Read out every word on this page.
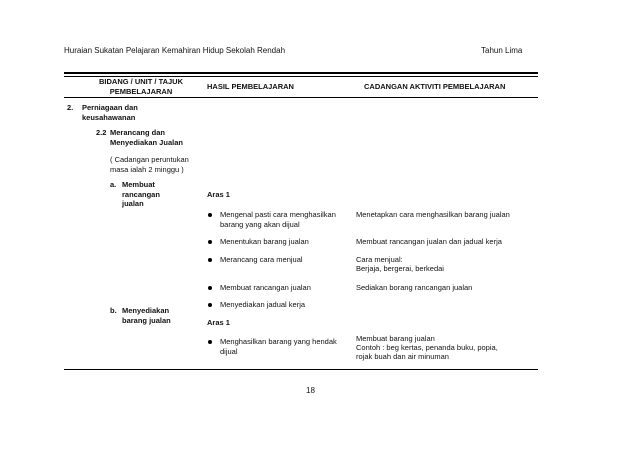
Huraian Sukatan Pelajaran Kemahiran Hidup Sekolah Rendah	Tahun Lima
BIDANG / UNIT / TAJUK PEMBELAJARAN
HASIL PEMBELAJARAN	CADANGAN AKTIVITI PEMBELAJARAN
2. Perniagaan dan keusahawanan
2.2 Merancang dan Menyediakan Jualan
( Cadangan peruntukan masa ialah 2 minggu )
a. Membuat rancangan jualan
b. Menyediakan barang jualan
Aras 1
Mengenal pasti cara menghasilkan barang yang akan dijual
Menentukan barang jualan
Merancang cara menjual
Membuat rancangan jualan
Menyediakan jadual kerja
Aras 1
Menghasilkan barang yang hendak dijual
Menetapkan cara menghasilkan barang jualan
Membuat rancangan jualan dan jadual kerja
Cara menjual:
Berjaja, bergerai, berkedai
Sediakan borang rancangan jualan
Membuat barang jualan
Contoh : beg kertas, penanda buku, popia,
rojak buah dan air minuman
18
